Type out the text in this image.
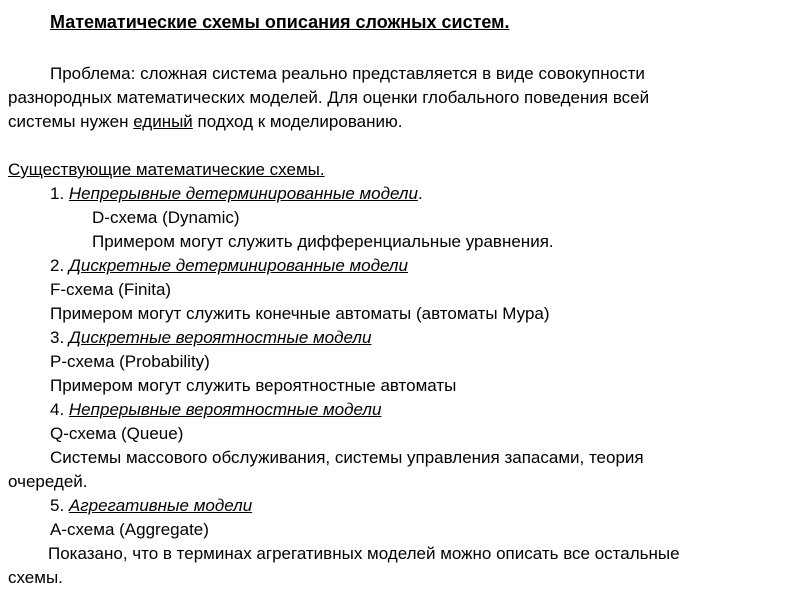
Математические схемы описания сложных систем.
Проблема: сложная система реально представляется в виде совокупности
разнородных математических моделей. Для оценки глобального поведения всей
системы нужен единый подход к моделированию.
Существующие математические схемы.
1. Непрерывные детерминированные модели.
D-схема (Dynamic)
Примером могут служить дифференциальные уравнения.
2. Дискретные детерминированные модели
F-схема (Finita)
Примером могут служить конечные автоматы (автоматы Мура)
3. Дискретные вероятностные модели
P-схема (Probability)
Примером могут служить вероятностные автоматы
4. Непрерывные вероятностные модели
Q-схема (Queue)
Системы массового обслуживания, системы управления запасами, теория
очередей.
5. Агрегативные модели
A-схема (Aggregate)
Показано, что в терминах агрегативных моделей можно описать все остальные
схемы.
